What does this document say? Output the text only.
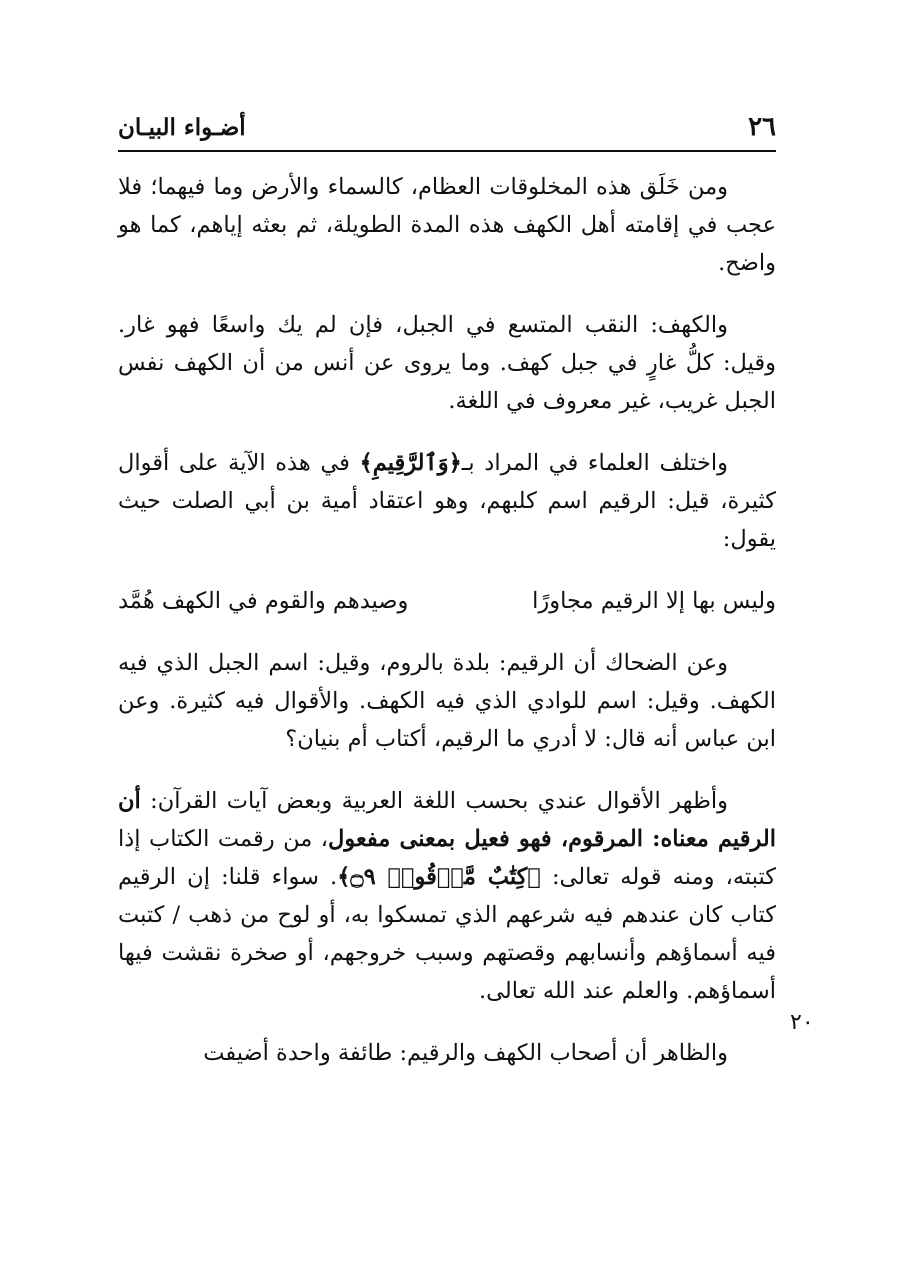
٢٦
أضـواء البيـان
٢٠

ومن خَلَق هذه المخلوقات العظام، كالسماء والأرض وما فيهما؛ فلا عجب في إقامته أهل الكهف هذه المدة الطويلة، ثم بعثه إياهم، كما هو واضح.

والكهف: النقب المتسع في الجبل، فإن لم يك واسعًا فهو غار. وقيل: كلُّ غارٍ في جبل كهف. وما يروى عن أنس من أن الكهف نفس الجبل غريب، غير معروف في اللغة.

واختلف العلماء في المراد بـ﴿وَٱلرَّقِيمِ﴾ في هذه الآية على أقوال كثيرة، قيل: الرقيم اسم كلبهم، وهو اعتقاد أمية بن أبي الصلت حيث يقول:

وليس بها إلا الرقيم مجاورًا
وصيدهم والقوم في الكهف هُمَّد

وعن الضحاك أن الرقيم: بلدة بالروم، وقيل: اسم الجبل الذي فيه الكهف. وقيل: اسم للوادي الذي فيه الكهف. والأقوال فيه كثيرة. وعن ابن عباس أنه قال: لا أدري ما الرقيم، أكتاب أم بنيان؟

وأظهر الأقوال عندي بحسب اللغة العربية وبعض آيات القرآن: أن الرقيم معناه: المرقوم، فهو فعيل بمعنى مفعول، من رقمت الكتاب إذا كتبته، ومنه قوله تعالى: ﴿كِتَٰبٌ مَّرۡقُومٞ ۝٩﴾. سواء قلنا: إن الرقيم كتاب كان عندهم فيه شرعهم الذي تمسكوا به، أو لوح من ذهب / كتبت فيه أسماؤهم وأنسابهم وقصتهم وسبب خروجهم، أو صخرة نقشت فيها أسماؤهم. والعلم عند الله تعالى.

والظاهر أن أصحاب الكهف والرقيم: طائفة واحدة أضيفت
